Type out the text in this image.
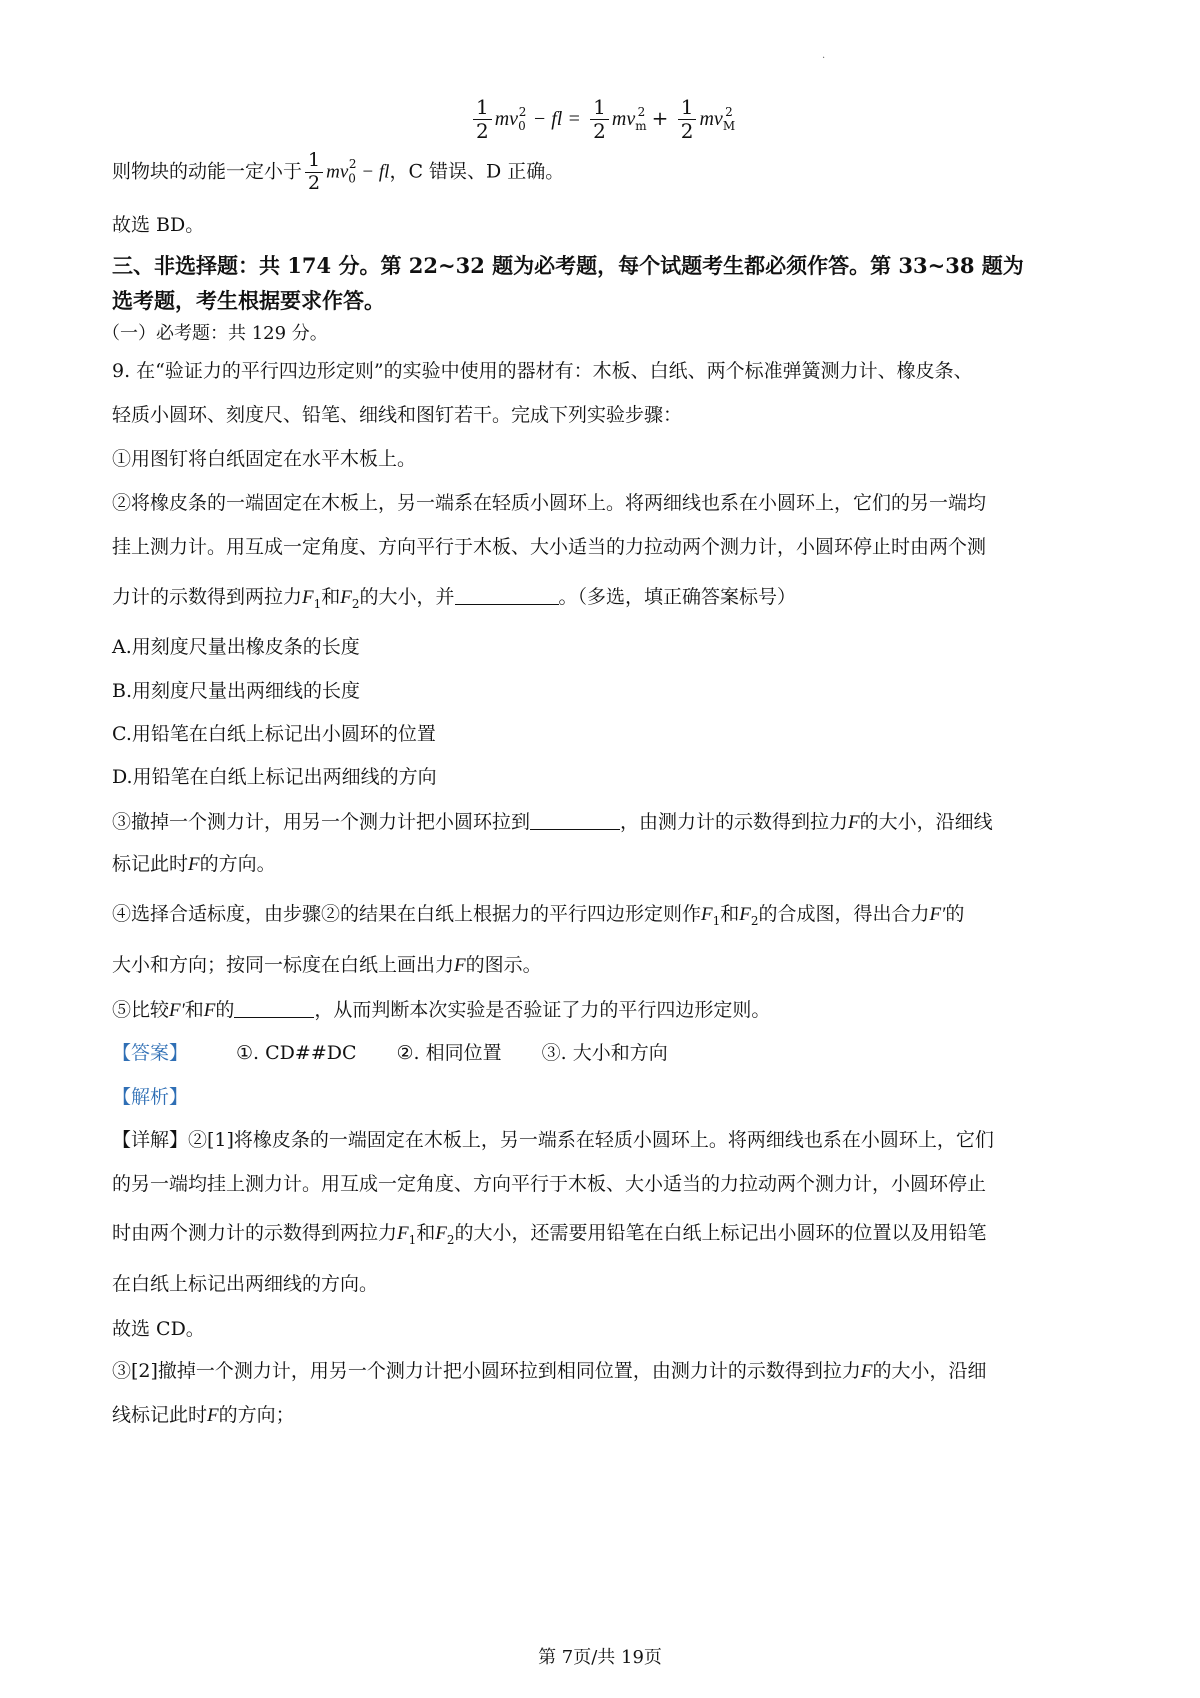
.
$\frac{1}{2} mv_0^2$ − fl = $\frac{1}{2} mv_m^2 + \frac{1}{2} mv_M^2$
则物块的动能一定小于 $\frac{1}{2} mv_0^2$ − fl，C 错误、D 正确。
故选 BD。
三、非选择题：共 174 分。第 22~32 题为必考题，每个试题考生都必须作答。第 33~38 题为
选考题，考生根据要求作答。
（一）必考题：共 129 分。
9. 在“验证力的平行四边形定则”的实验中使用的器材有：木板、白纸、两个标准弹簧测力计、橡皮条、
轻质小圆环、刻度尺、铅笔、细线和图钉若干。完成下列实验步骤：
①用图钉将白纸固定在水平木板上。
②将橡皮条的一端固定在木板上，另一端系在轻质小圆环上。将两细线也系在小圆环上，它们的另一端均
挂上测力计。用互成一定角度、方向平行于木板、大小适当的力拉动两个测力计，小圆环停止时由两个测
力计的示数得到两拉力$F_1$和$F_2$的大小，并	。（多选，填正确答案标号）
A.用刻度尺量出橡皮条的长度
B.用刻度尺量出两细线的长度
C.用铅笔在白纸上标记出小圆环的位置
D.用铅笔在白纸上标记出两细线的方向
③撤掉一个测力计，用另一个测力计把小圆环拉到	，由测力计的示数得到拉力F的大小，沿细线
标记此时F的方向。
④选择合适标度，由步骤②的结果在白纸上根据力的平行四边形定则作$F_1$和$F_2$的合成图，得出合力F′的
大小和方向；按同一标度在白纸上画出力F的图示。
⑤比较F′和F的	，从而判断本次实验是否验证了力的平行四边形定则。
【答案】	①. CD##DC ②. 相同位置 ③. 大小和方向
【解析】
【详解】②[1]将橡皮条的一端固定在木板上，另一端系在轻质小圆环上。将两细线也系在小圆环上，它们
的另一端均挂上测力计。用互成一定角度、方向平行于木板、大小适当的力拉动两个测力计，小圆环停止
时由两个测力计的示数得到两拉力$F_1$和$F_2$的大小，还需要用铅笔在白纸上标记出小圆环的位置以及用铅笔
在白纸上标记出两细线的方向。
故选 CD。
③[2]撤掉一个测力计，用另一个测力计把小圆环拉到相同位置，由测力计的示数得到拉力F的大小，沿细
线标记此时F的方向；
第 7页/共 19页
